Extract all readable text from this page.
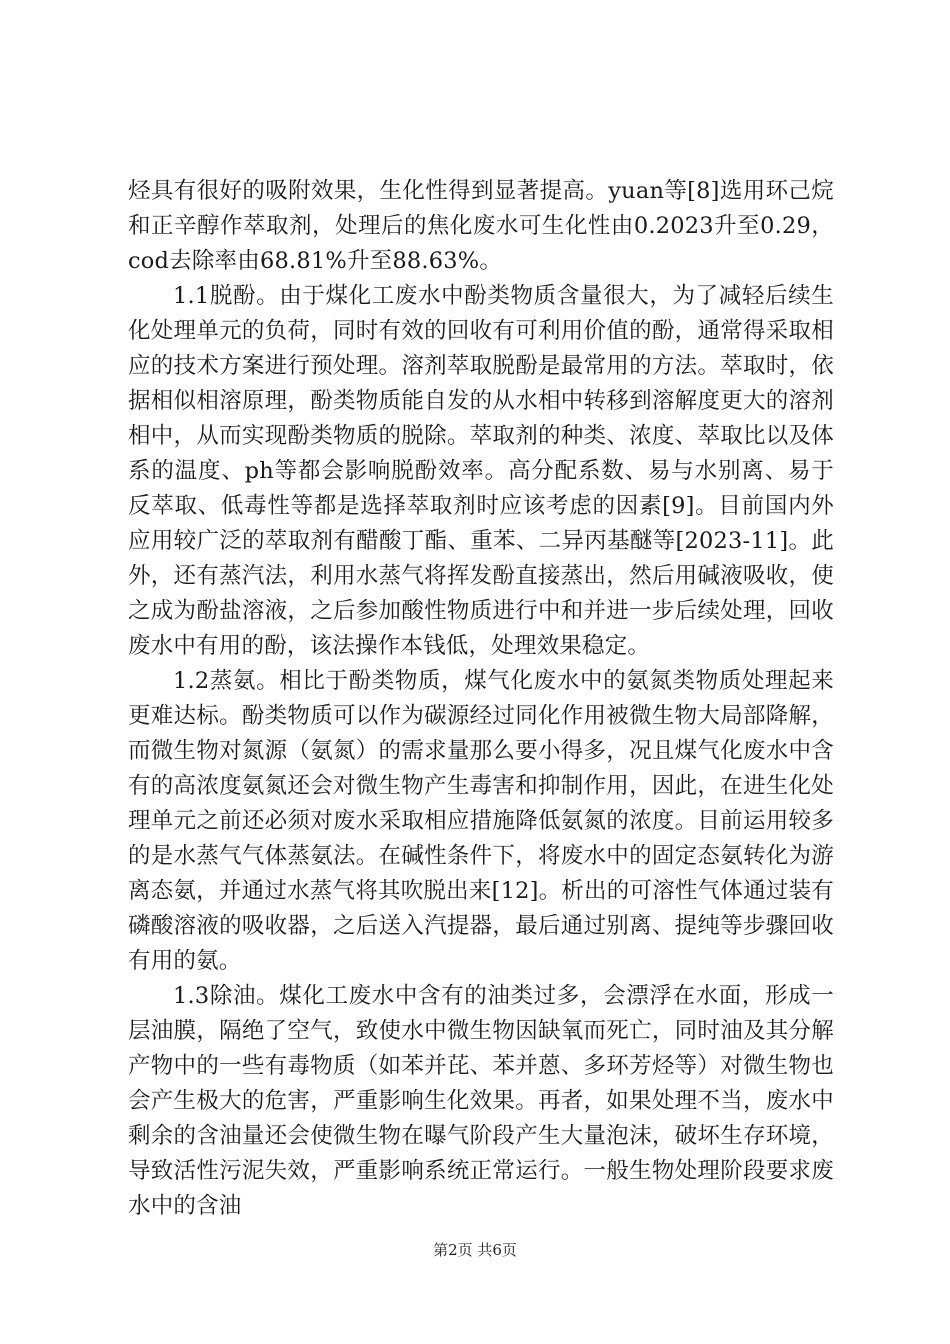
烃具有很好的吸附效果，生化性得到显著提高。yuan等[8]选用环己烷和正辛醇作萃取剂，处理后的焦化废水可生化性由0.2023升至0.29，cod去除率由68.81%升至88.63%。

1.1脱酚。由于煤化工废水中酚类物质含量很大，为了减轻后续生化处理单元的负荷，同时有效的回收有可利用价值的酚，通常得采取相应的技术方案进行预处理。溶剂萃取脱酚是最常用的方法。萃取时，依据相似相溶原理，酚类物质能自发的从水相中转移到溶解度更大的溶剂相中，从而实现酚类物质的脱除。萃取剂的种类、浓度、萃取比以及体系的温度、ph等都会影响脱酚效率。高分配系数、易与水别离、易于反萃取、低毒性等都是选择萃取剂时应该考虑的因素[9]。目前国内外应用较广泛的萃取剂有醋酸丁酯、重苯、二异丙基醚等[2023-11]。此外，还有蒸汽法，利用水蒸气将挥发酚直接蒸出，然后用碱液吸收，使之成为酚盐溶液，之后参加酸性物质进行中和并进一步后续处理，回收废水中有用的酚，该法操作本钱低，处理效果稳定。

1.2蒸氨。相比于酚类物质，煤气化废水中的氨氮类物质处理起来更难达标。酚类物质可以作为碳源经过同化作用被微生物大局部降解，而微生物对氮源（氨氮）的需求量那么要小得多，况且煤气化废水中含有的高浓度氨氮还会对微生物产生毒害和抑制作用，因此，在进生化处理单元之前还必须对废水采取相应措施降低氨氮的浓度。目前运用较多的是水蒸气气体蒸氨法。在碱性条件下，将废水中的固定态氨转化为游离态氨，并通过水蒸气将其吹脱出来[12]。析出的可溶性气体通过装有磷酸溶液的吸收器，之后送入汽提器，最后通过别离、提纯等步骤回收有用的氨。

1.3除油。煤化工废水中含有的油类过多，会漂浮在水面，形成一层油膜，隔绝了空气，致使水中微生物因缺氧而死亡，同时油及其分解产物中的一些有毒物质（如苯并芘、苯并蒽、多环芳烃等）对微生物也会产生极大的危害，严重影响生化效果。再者，如果处理不当，废水中剩余的含油量还会使微生物在曝气阶段产生大量泡沫，破坏生存环境，导致活性污泥失效，严重影响系统正常运行。一般生物处理阶段要求废水中的含油

第2页 共6页
